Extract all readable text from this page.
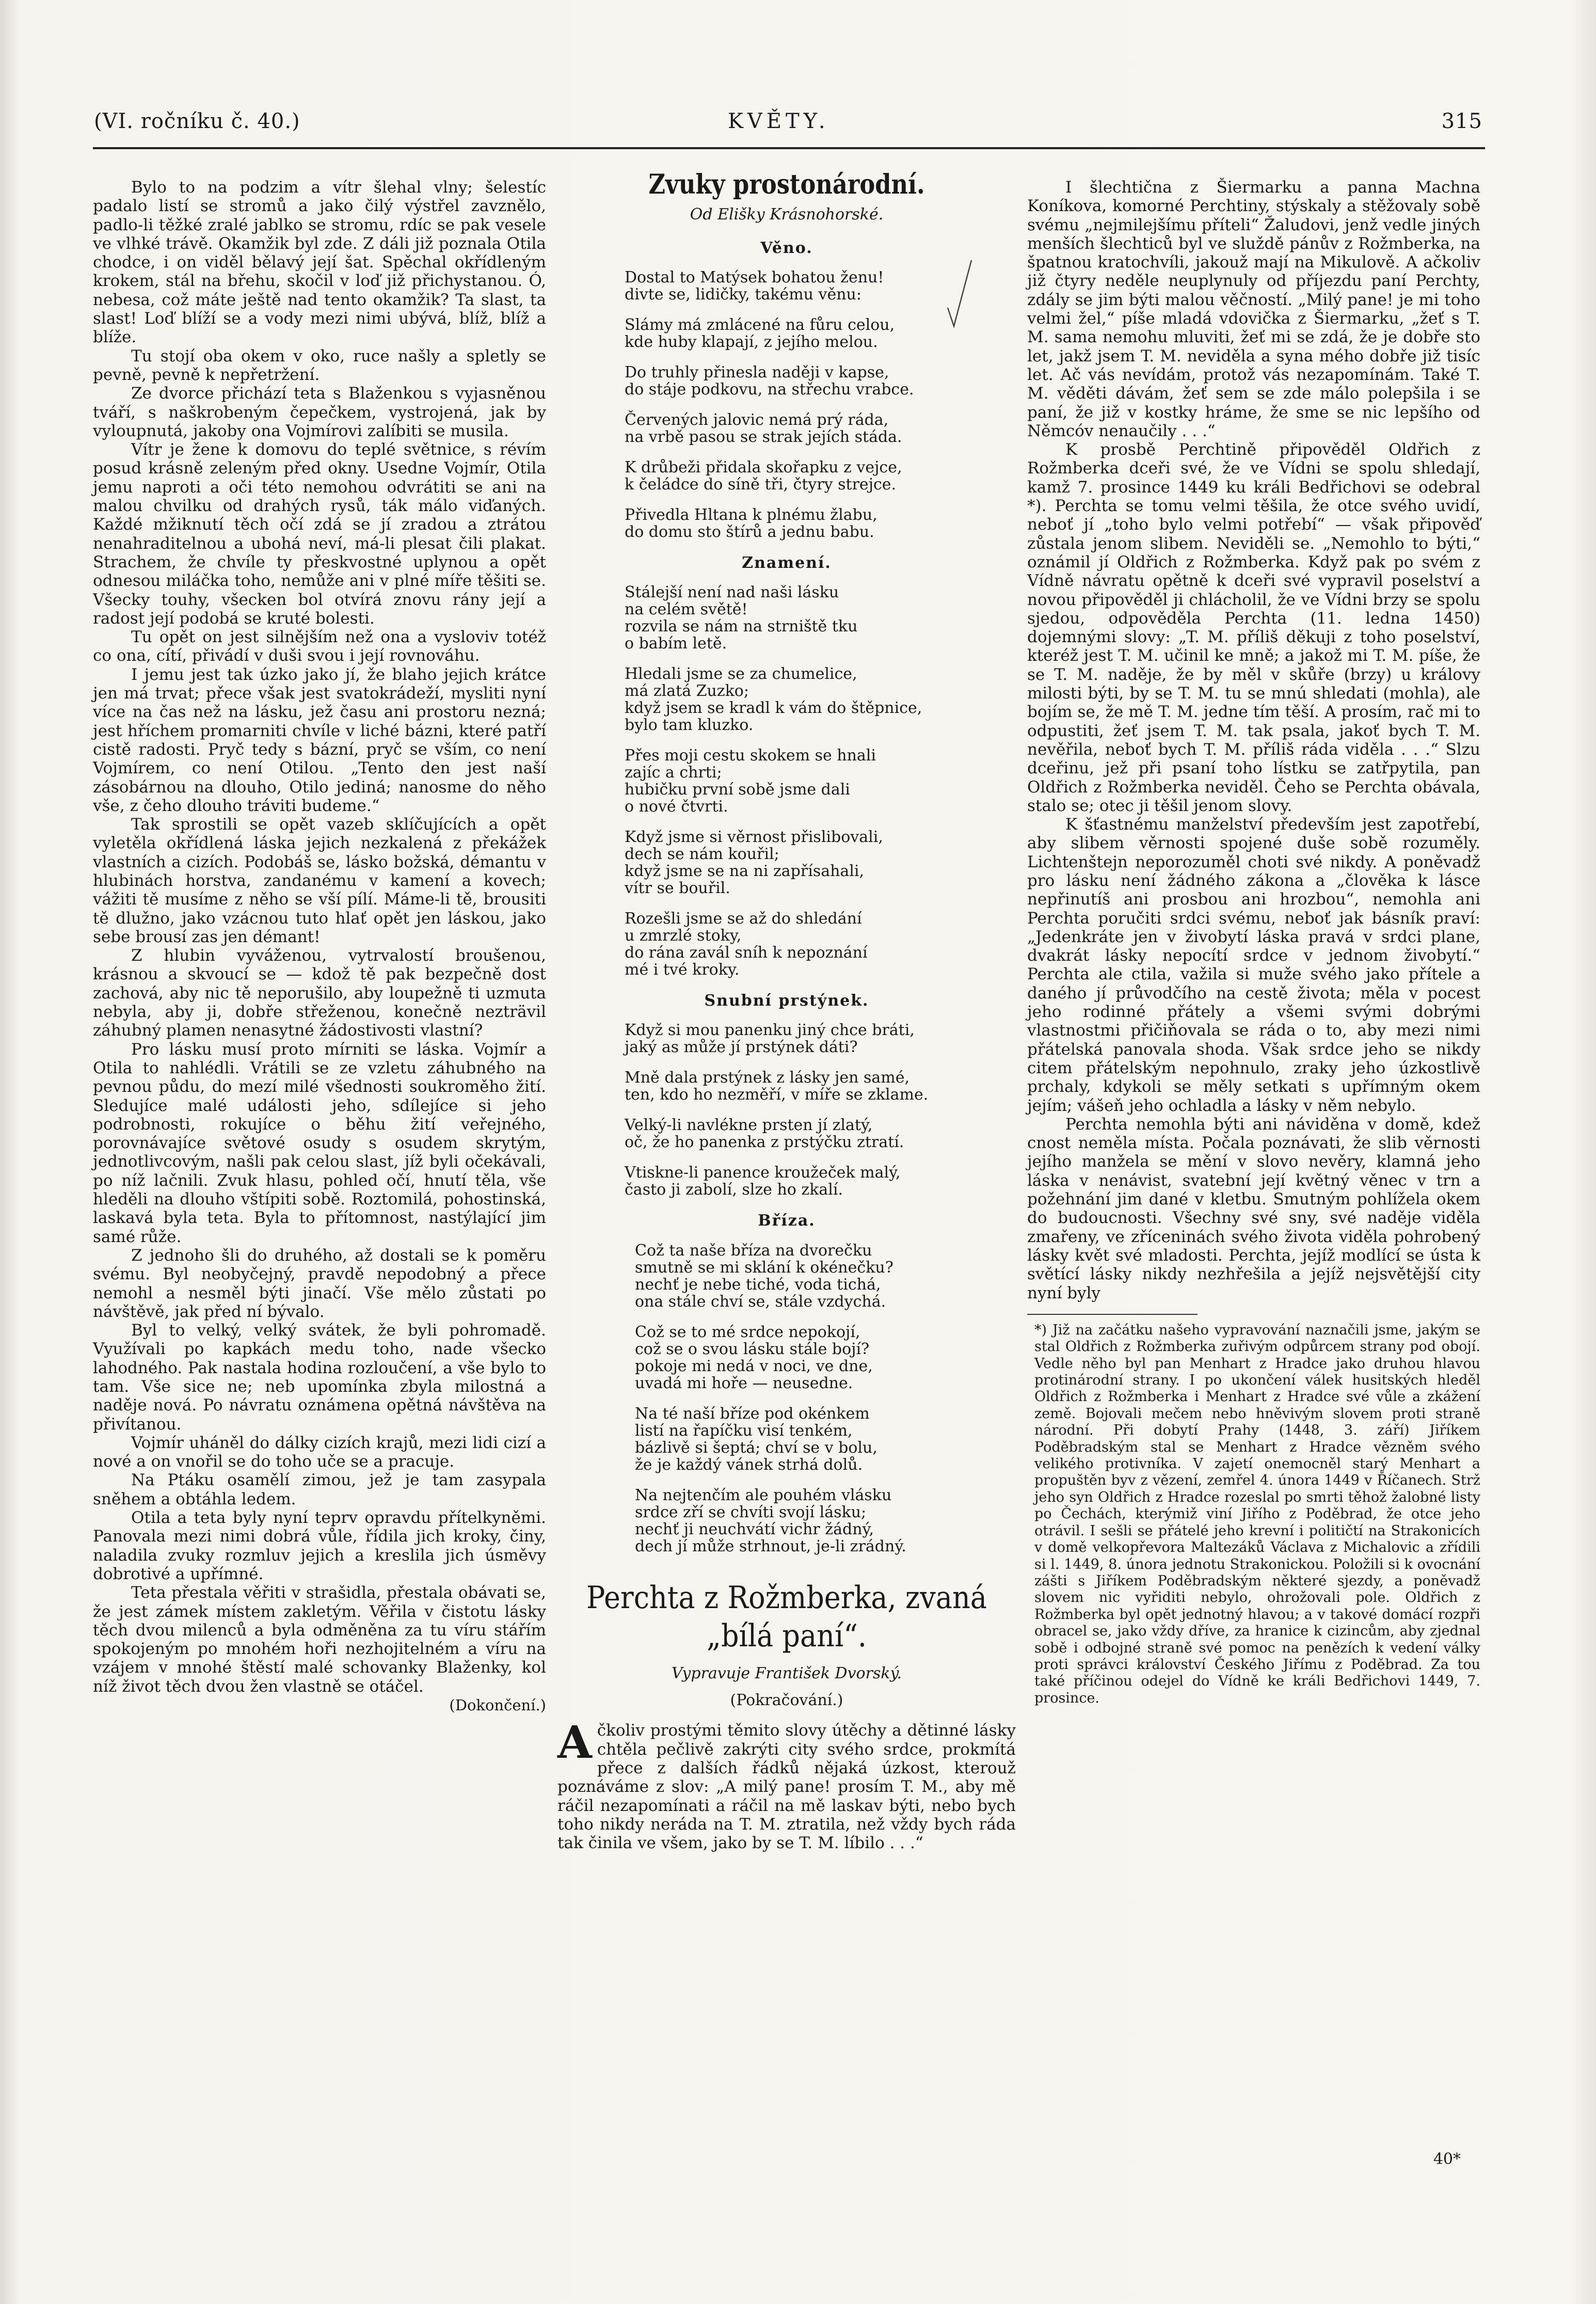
(VI. ročníku č. 40.)	KVĚTY.	315

Bylo to na podzim a vítr šlehal vlny; šelestíc padalo listí se stromů a jako čilý výstřel zavznělo, padlo-li těžké zralé jablko se stromu, rdíc se pak vesele ve vlhké trávě. Okamžik byl zde. Z dáli již poznala Otila chodce, i on viděl bělavý její šat. Spěchal okřídleným krokem, stál na břehu, skočil v loď již přichystanou. Ó, nebesa, což máte ještě nad tento okamžik? Ta slast, ta slast! Loď blíží se a vody mezi nimi ubývá, blíž, blíž a blíže.

Tu stojí oba okem v oko, ruce našly a spletly se pevně, pevně k nepřetržení.

Ze dvorce přichází teta s Blaženkou s vyjasněnou tváří, s naškrobeným čepečkem, vystrojená, jak by vyloupnutá, jakoby ona Vojmírovi zalíbiti se musila.

Vítr je žene k domovu do teplé světnice, s révím posud krásně zeleným před okny. Usedne Vojmír, Otila jemu naproti a oči této nemohou odvrátiti se ani na malou chvilku od drahých rysů, ták málo viďaných. Každé mžiknutí těch očí zdá se jí zradou a ztrátou nenahraditelnou a ubohá neví, má-li plesat čili plakat. Strachem, že chvíle ty přeskvostné uplynou a opět odnesou miláčka toho, nemůže ani v plné míře těšiti se. Všecky touhy, všecken bol otvírá znovu rány její a radost její podobá se kruté bolesti.

Tu opět on jest silnějším než ona a vysloviv totéž co ona, cítí, přivádí v duši svou i její rovnováhu.

I jemu jest tak úzko jako jí, že blaho jejich krátce jen má trvat; přece však jest svatokrádeží, mysliti nyní více na čas než na lásku, jež času ani prostoru nezná; jest hříchem promarniti chvíle v liché bázni, které patří cistě radosti. Pryč tedy s bázní, pryč se vším, co není Vojmírem, co není Otilou. „Tento den jest naší zásobárnou na dlouho, Otilo jediná; nanosme do něho vše, z čeho dlouho tráviti budeme.“

Tak sprostili se opět vazeb sklíčujících a opět vyletěla okřídlená láska jejich nezkalená z překážek vlastních a cizích. Podobáš se, lásko božská, démantu v hlubinách horstva, zandanému v kamení a kovech; vážiti tě musíme z něho se vší pílí. Máme-li tě, brousiti tě dlužno, jako vzácnou tuto hlať opět jen láskou, jako sebe brousí zas jen démant!

Z hlubin vyváženou, vytrvalostí broušenou, krásnou a skvoucí se — kdož tě pak bezpečně dost zachová, aby nic tě neporušilo, aby loupežně ti uzmuta nebyla, aby ji, dobře střeženou, konečně nezträvil záhubný plamen nenasytné žádostivosti vlastní?

Pro lásku musí proto mírniti se láska. Vojmír a Otila to nahlédli. Vrátili se ze vzletu záhubného na pevnou půdu, do mezí milé všednosti soukroměho žití. Sledujíce malé události jeho, sdílejíce si jeho podrobnosti, rokujíce o běhu žití veřejného, porovnávajíce světové osudy s osudem skrytým, jednotlivcovým, našli pak celou slast, jíž byli očekávali, po níž lačnili. Zvuk hlasu, pohled očí, hnutí těla, vše hleděli na dlouho vštípiti sobě. Roztomilá, pohostinská, laskavá byla teta. Byla to přítomnost, nastýlající jim samé růže.

Z jednoho šli do druhého, až dostali se k poměru svému. Byl neobyčejný, pravdě nepodobný a přece nemohl a nesměl býti jinačí. Vše mělo zůstati po návštěvě, jak před ní bývalo.

Byl to velký, velký svátek, že byli pohromadě. Využívali po kapkách medu toho, nade všecko lahodného. Pak nastala hodina rozloučení, a vše bylo to tam. Vše sice ne; neb upomínka zbyla milostná a naděje nová. Po návratu oznámena opětná návštěva na přivítanou.

Vojmír uháněl do dálky cizích krajů, mezi lidi cizí a nové a on vnořil se do toho uče se a pracuje.

Na Ptáku osamělí zimou, jež je tam zasypala sněhem a obtáhla ledem.

Otila a teta byly nyní teprv opravdu přítelkyněmi. Panovala mezi nimi dobrá vůle, řídila jich kroky, činy, naladila zvuky rozmluv jejich a kreslila jich úsměvy dobrotivé a upřímné.

Teta přestala věřiti v strašidla, přestala obávati se, že jest zámek místem zakletým. Věřila v čistotu lásky těch dvou milenců a byla odměněna za tu víru stářím spokojeným po mnohém hoři nezhojitelném a víru na vzájem v mnohé štěstí malé schovanky Blaženky, kol níž život těch dvou žen vlastně se otáčel.
(Dokončení.)

Zvuky prostonárodní.
Od Elišky Krásnohorské.
Věno.
Dostal to Matýsek bohatou ženu!
divte se, lidičky, takému věnu:
Slámy má zmlácené na fůru celou,
kde huby klapají, z jejího melou.
Do truhly přinesla naději v kapse,
do stáje podkovu, na střechu vrabce.
Červených jalovic nemá prý ráda,
na vrbě pasou se strak jejích stáda.
K drůbeži přidala skořapku z vejce,
k čeládce do síně tři, čtyry strejce.
Přivedla Hltana k plnému žlabu,
do domu sto štírů a jednu babu.
Znamení.
Stálejší není nad naši lásku
na celém světě!
rozvila se nám na strniště tku
o babím letě.
Hledali jsme se za chumelice,
má zlatá Zuzko;
když jsem se kradl k vám do štěpnice,
bylo tam kluzko.
Přes moji cestu skokem se hnali
zajíc a chrti;
hubičku první sobě jsme dali
o nové čtvrti.
Když jsme si věrnost přislibovali,
dech se nám kouřil;
když jsme se na ni zapřísahali,
vítr se bouřil.
Rozešli jsme se až do shledání
u zmrzlé stoky,
do rána zavál sníh k nepoznání
mé i tvé kroky.
Snubní prstýnek.
Když si mou panenku jiný chce bráti,
jaký as může jí prstýnek dáti?
Mně dala prstýnek z lásky jen samé,
ten, kdo ho nezměří, v míře se zklame.
Velký-li navlékne prsten jí zlatý,
oč, že ho panenka z prstýčku ztratí.
Vtiskne-li panence kroužeček malý,
často ji zabolí, slze ho zkalí.
Bříza.
Což ta naše bříza na dvorečku
smutně se mi sklání k okénečku?
nechť je nebe tiché, voda tichá,
ona stále chví se, stále vzdychá.
Což se to mé srdce nepokojí,
což se o svou lásku stále bojí?
pokoje mi nedá v noci, ve dne,
uvadá mi hoře — neusedne.
Na té naší bříze pod okénkem
listí na řapíčku visí tenkém,
bázlivě si šeptá; chví se v bolu,
že je každý vánek strhá dolů.
Na nejtenčím ale pouhém vlásku
srdce zří se chvíti svojí lásku;
nechť ji neuchvátí vichr žádný,
dech jí může strhnout, je-li zrádný.
Perchta z Rožmberka, zvaná „bílá paní“.
Vypravuje František Dvorský.
(Pokračování.)

Ačkoliv prostými těmito slovy útěchy a dětinné lásky chtěla pečlivě zakrýti city svého srdce, prokmítá přece z dalších řádků nějaká úzkost, kterouž poznáváme z slov: „A milý pane! prosím T. M., aby mě ráčil nezapomínati a ráčil na mě laskav býti, nebo bych toho nikdy neráda na T. M. ztratila, než vždy bych ráda tak činila ve všem, jako by se T. M. líbilo . . .“

I šlechtična z Šiermarku a panna Machna Koníkova, komorné Perchtiny, stýskaly a stěžovaly sobě svému „nejmilejšímu příteli“ Žaludovi, jenž vedle jiných menších šlechticů byl ve služdě pánův z Rožmberka, na špatnou kratochvíli, jakouž mají na Mikulově. A ačkoliv již čtyry neděle neuplynuly od příjezdu paní Perchty, zdály se jim býti malou věčností. „Milý pane! je mi toho velmi žel,“ píše mladá vdovička z Šiermarku, „žeť s T. M. sama nemohu mluviti, žeť mi se zdá, že je dobře sto let, jakž jsem T. M. neviděla a syna mého dobře již tisíc let. Ač vás nevídám, protož vás nezapomínám. Také T. M. věděti dávám, žeť sem se zde málo polepšila i se paní, že již v kostky hráme, že sme se nic lepšího od Němcóv nenaučily . . .“

K prosbě Perchtině připověděl Oldřich z Rožmberka dceři své, že ve Vídni se spolu shledají, kamž 7. prosince 1449 ku králi Bedřichovi se odebral *). Perchta se tomu velmi těšila, že otce svého uvidí, neboť jí „toho bylo velmi potřebí“ — však připověď zůstala jenom slibem. Neviděli se. „Nemohlo to býti,“ oznámil jí Oldřich z Rožmberka. Když pak po svém z Vídně návratu opětně k dceři své vypravil poselství a novou připověděl ji chlácholil, že ve Vídni brzy se spolu sjedou, odpověděla Perchta (11. ledna 1450) dojemnými slovy: „T. M. příliš děkuji z toho poselství, kteréž jest T. M. učinil ke mně; a jakož mi T. M. píše, že se T. M. naděje, že by měl v skůře (brzy) u královy milosti býti, by se T. M. tu se mnú shledati (mohla), ale bojím se, že mě T. M. jedne tím těší. A prosím, rač mi to odpustiti, žeť jsem T. M. tak psala, jakoť bych T. M. nevěřila, neboť bych T. M. příliš ráda viděla . . .“ Slzu dceřinu, jež při psaní toho lístku se zatřpytila, pan Oldřich z Rožmberka neviděl. Čeho se Perchta obávala, stalo se; otec ji těšil jenom slovy.

K šťastnému manželství především jest zapotřebí, aby slibem věrnosti spojené duše sobě rozuměly. Lichtenštejn neporozuměl choti své nikdy. A poněvadž pro lásku není žádného zákona a „člověka k lásce nepřinutíš ani prosbou ani hrozbou“, nemohla ani Perchta poručiti srdci svému, neboť jak básník praví: „Jedenkráte jen v živobytí láska pravá v srdci plane, dvakrát lásky nepocítí srdce v jednom živobytí.“ Perchta ale ctila, važila si muže svého jako přítele a daného jí průvodčího na cestě života; měla v pocest jeho rodinné přátely a všemi svými dobrými vlastnostmi přičiňovala se ráda o to, aby mezi nimi přátelská panovala shoda. Však srdce jeho se nikdy citem přátelským nepohnulo, zraky jeho úzkostlivě prchaly, kdykoli se měly setkati s upřímným okem jejím; vášeň jeho ochladla a lásky v něm nebylo.

Perchta nemohla býti ani náviděna v domě, kdež cnost neměla místa. Počala poznávati, že slib věrnosti jejího manžela se mění v slovo nevěry, klamná jeho láska v nenávist, svatební její květný věnec v trn a požehnání jim dané v kletbu. Smutným pohlížela okem do budoucnosti. Všechny své sny, své naděje viděla zmařeny, ve zříceninách svého života viděla pohrobený lásky květ své mladosti. Perchta, jejíž modlící se ústa k světící lásky nikdy nezhřešila a jejíž nejsvětější city nyní byly

*) Již na začátku našeho vypravování naznačili jsme, jakým se stal Oldřich z Rožmberka zuřivým odpůrcem strany pod obojí. Vedle něho byl pan Menhart z Hradce jako druhou hlavou protinárodní strany. I po ukončení válek husitských hleděl Oldřich z Rožmberka i Menhart z Hradce své vůle a zkážení země. Bojovali mečem nebo hněvivým slovem proti straně národní. Při dobytí Prahy (1448, 3. září) Jiříkem Poděbradským stal se Menhart z Hradce vězněm svého velikého protivníka. V zajetí onemocněl starý Menhart a propuštěn byv z vězení, zemřel 4. února 1449 v Říčanech. Strž jeho syn Oldřich z Hradce rozeslal po smrti těhož žalobné listy po Čechách, kterýmiž viní Jiřího z Poděbrad, že otce jeho otrávil. I sešli se přátelé jeho krevní i političtí na Strakonicích v domě velkopřevora Maltezáků Václava z Michalovic a zřídili si l. 1449, 8. února jednotu Strakonickou. Položili si k ovocnání zášti s Jiříkem Poděbradským některé sjezdy, a poněvadž slovem nic vyřiditi nebylo, ohrožovali pole. Oldřich z Rožmberka byl opět jednotný hlavou; a v takové domácí rozpři obracel se, jako vždy dříve, za hranice k cizincům, aby zjednal sobě i odbojné straně své pomoc na penězích k vedení války proti správci království Českého Jiřímu z Poděbrad. Za tou také příčinou odejel do Vídně ke králi Bedřichovi 1449, 7. prosince.
40*
